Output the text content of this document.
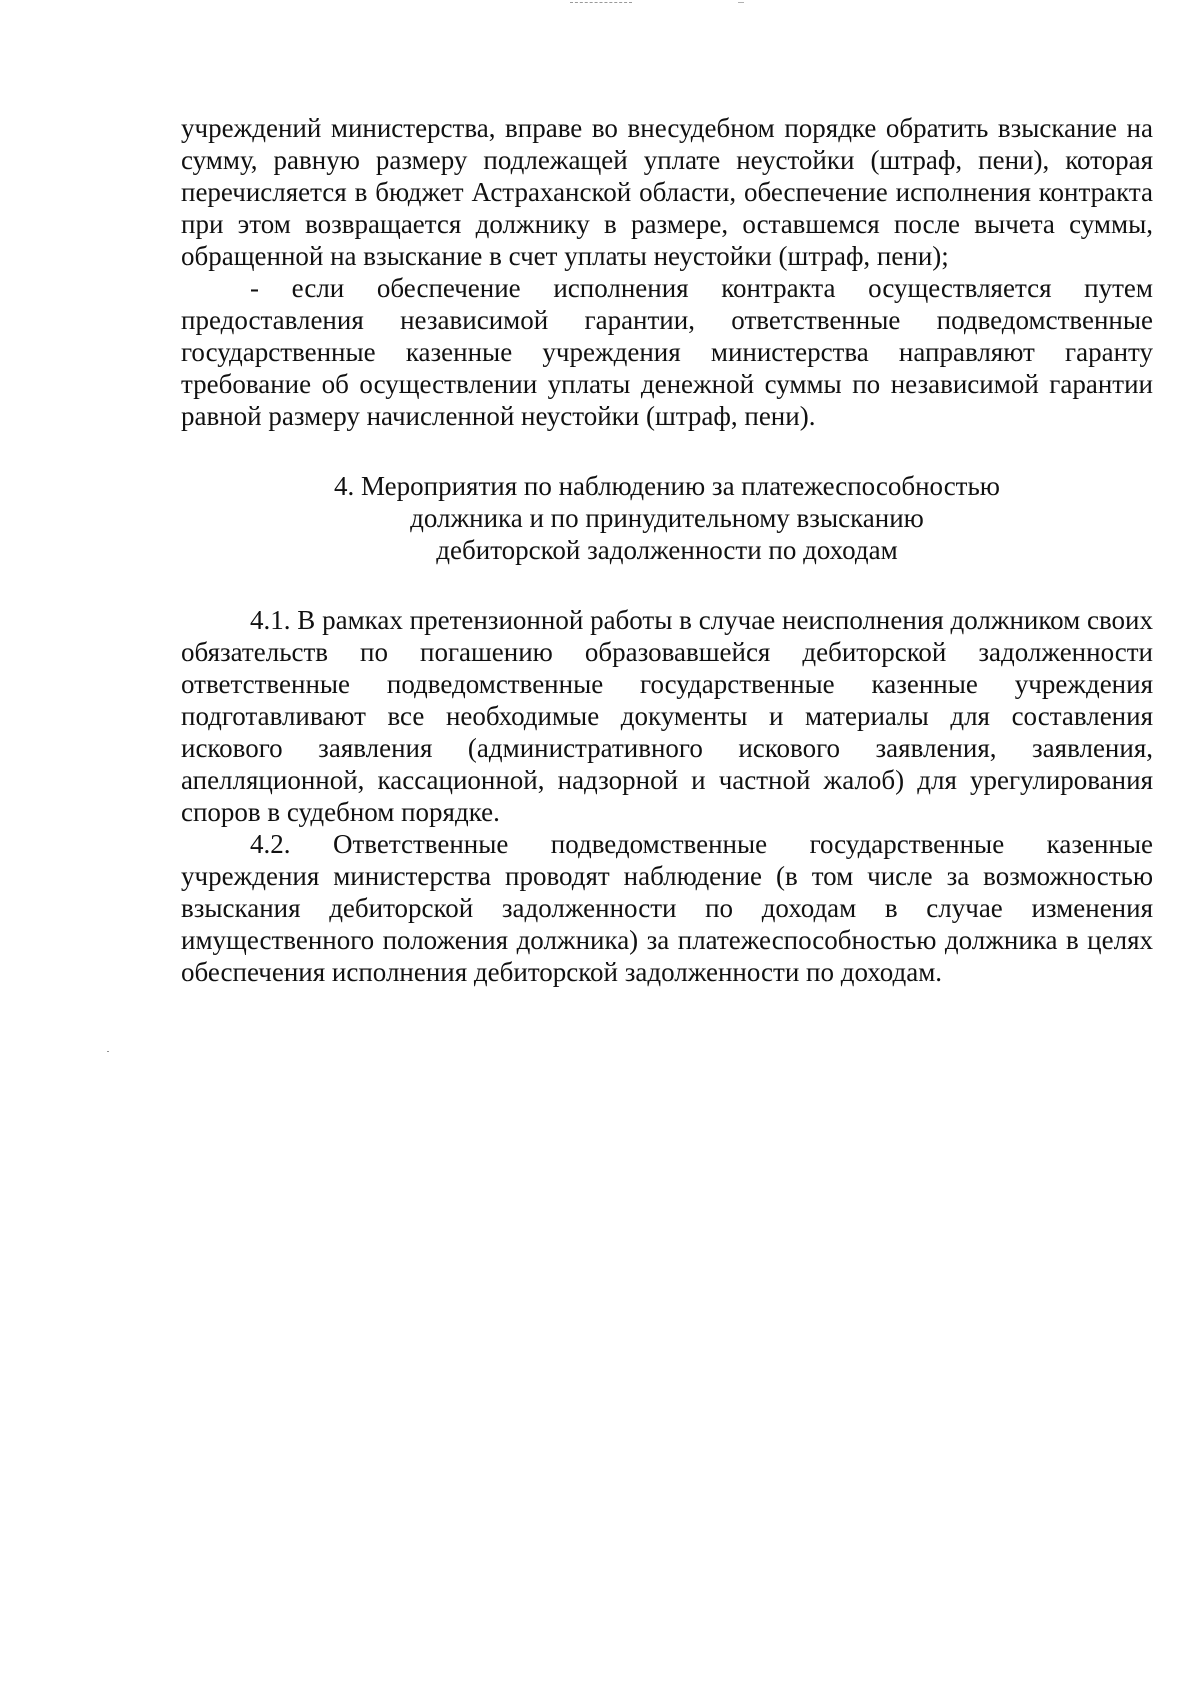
учреждений министерства, вправе во внесудебном порядке обратить взыскание на сумму, равную размеру подлежащей уплате неустойки (штраф, пени), которая перечисляется в бюджет Астраханской области, обеспечение исполнения контракта при этом возвращается должнику в размере, оставшемся после вычета суммы, обращенной на взыскание в счет уплаты неустойки (штраф, пени);

- если обеспечение исполнения контракта осуществляется путем предоставления независимой гарантии, ответственные подведомственные государственные казенные учреждения министерства направляют гаранту требование об осуществлении уплаты денежной суммы по независимой гарантии равной размеру начисленной неустойки (штраф, пени).

4. Мероприятия по наблюдению за платежеспособностью
должника и по принудительному взысканию
дебиторской задолженности по доходам

4.1. В рамках претензионной работы в случае неисполнения должником своих обязательств по погашению образовавшейся дебиторской задолженности ответственные подведомственные государственные казенные учреждения подготавливают все необходимые документы и материалы для составления искового заявления (административного искового заявления, заявления, апелляционной, кассационной, надзорной и частной жалоб) для урегулирования споров в судебном порядке.

4.2. Ответственные подведомственные государственные казенные учреждения министерства проводят наблюдение (в том числе за возможностью взыскания дебиторской задолженности по доходам в случае изменения имущественного положения должника) за платежеспособностью должника в целях обеспечения исполнения дебиторской задолженности по доходам.
